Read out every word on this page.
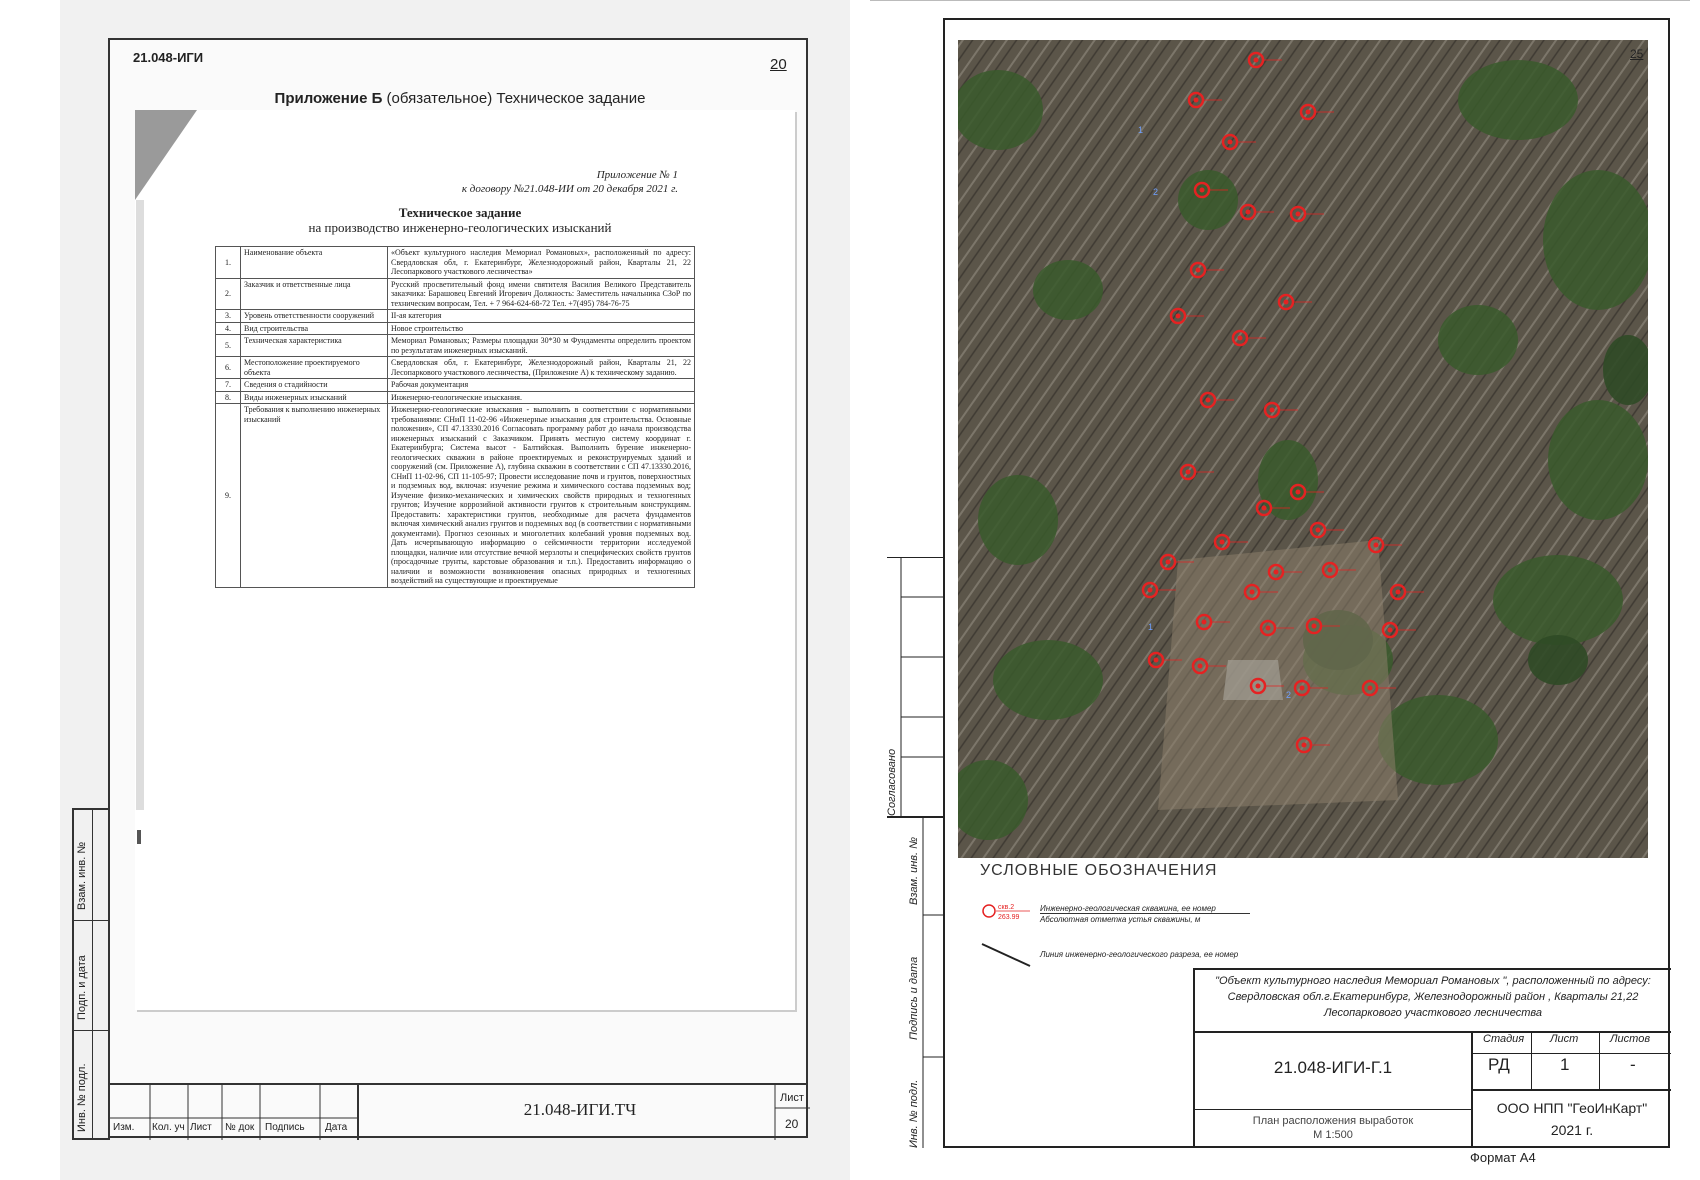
21.048-ИГИ	20
Приложение Б (обязательное) Техническое задание
Приложение № 1
к договору №21.048-ИИ от 20 декабря 2021 г.
Техническое задание
на производство инженерно-геологических изысканий
1.	Наименование объекта	«Объект культурного наследия Мемориал Романовых», расположенный по адресу: Свердловская обл, г. Екатеринбург, Железнодорожный район, Кварталы 21, 22 Лесопаркового участкового лесничества»
2.	Заказчик и ответственные лица	Русский просветительный фонд имени святителя Василия Великого Представитель заказчика: Барашовец Евгений Игоревич Должность: Заместитель начальника СЗоР по техническим вопросам, Тел. + 7 964-624-68-72 Тел. +7(495) 784-76-75
3.	Уровень ответственности сооружений	II-ая категория
4.	Вид строительства	Новое строительство
5.	Техническая характеристика	Мемориал Романовых; Размеры площадки 30*30 м Фундаменты определить проектом по результатам инженерных изысканий.
6.	Местоположение проектируемого объекта	Свердловская обл, г. Екатеринбург, Железнодорожный район, Кварталы 21, 22 Лесопаркового участкового лесничества, (Приложение А) к техническому заданию.
7.	Сведения о стадийности	Рабочая документация
8.	Виды инженерных изысканий	Инженерно-геологические изыскания.
9.	Требования к выполнению инженерных изысканий	Инженерно-геологические изыскания - выполнить в соответствии с нормативными требованиями: СНиП 11-02-96 «Инженерные изыскания для строительства. Основные положения», СП 47.13330.2016 Согласовать программу работ до начала производства инженерных изысканий с Заказчиком. Принять местную систему координат г. Екатеринбурга; Система высот - Балтийская. Выполнить бурение инженерно-геологических скважин в районе проектируемых и реконструируемых зданий и сооружений (см. Приложение А), глубина скважин в соответствии с СП 47.13330.2016, СНиП 11-02-96, СП 11-105-97; Провести исследование почв и грунтов, поверхностных и подземных вод, включая: изучение режима и химического состава подземных вод; Изучение физико-механических и химических свойств природных и техногенных грунтов; Изучение коррозийной активности грунтов к строительным конструкциям. Предоставить: характеристики грунтов, необходимые для расчета фундаментов включая химический анализ грунтов и подземных вод (в соответствии с нормативными документами). Прогноз сезонных и многолетних колебаний уровня подземных вод. Дать исчерпывающую информацию о сейсмичности территории исследуемой площадки, наличие или отсутствие вечной мерзлоты и специфических свойств грунтов (просадочные грунты, карстовые образования и т.п.). Предоставить информацию о наличии и возможности возникновения опасных природных и техногенных воздействий на существующие и проектируемые
Взам. инв. №
Подп. и дата
Инв. № подл.	Изм. Кол. уч Лист № док Подпись Дата
21.048-ИГИ.ТЧ
Лист
20
1
2
1
2
25
УСЛОВНЫЕ ОБОЗНАЧЕНИЯ
скв.2
263.99
Инженерно-геологическая скважина, ее номер
Абсолютная отметка устья скважины, м
Линия инженерно-геологического разреза, ее номер
Согласовано
Взам. инв. №
Подпись и дата
Инв. № подл.
"Объект культурного наследия Мемориал Романовых ", расположенный по адресу:
Свердловская обл.г.Екатеринбург, Железнодорожный район , Кварталы 21,22
Лесопаркового участкового лесничества
21.048-ИГИ-Г.1
План расположения выработок
М 1:500
Стадия Лист	Листов
РД	1	-
ООО НПП "ГеоИнКарт"
2021 г.
Формат А4
